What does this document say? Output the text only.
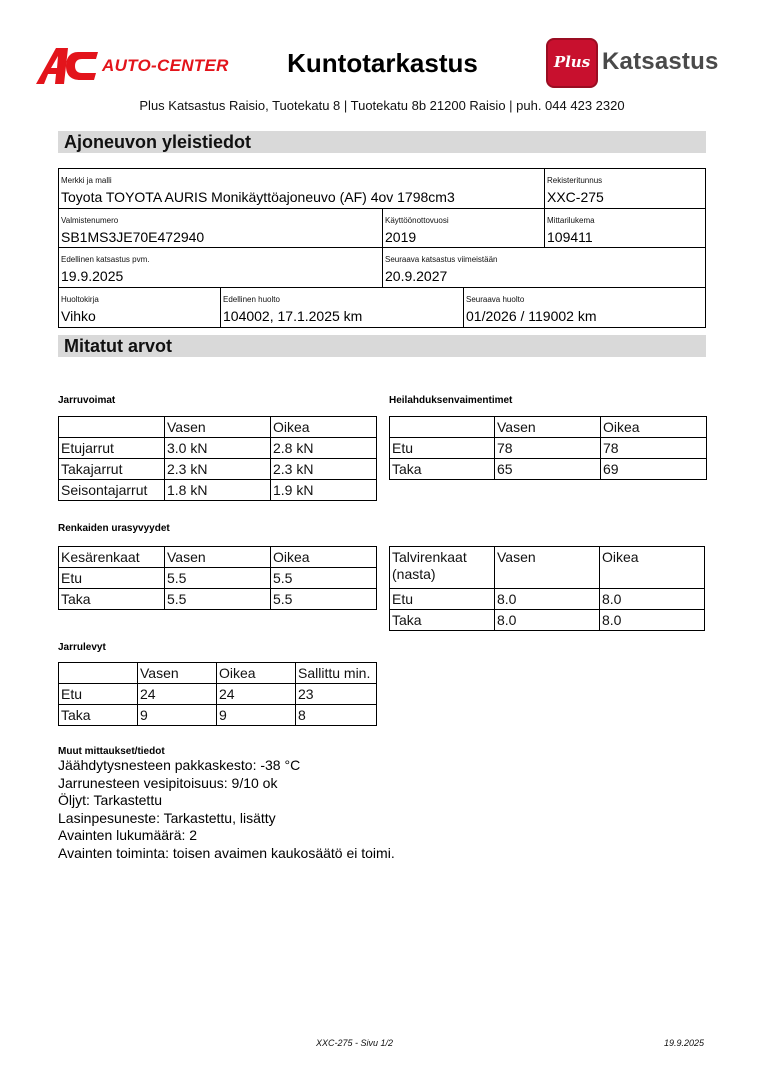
AUTO-CENTER	Kuntotarkastus	Plus Katsastus
Plus Katsastus Raisio, Tuotekatu 8 | Tuotekatu 8b 21200 Raisio | puh. 044 423 2320
Ajoneuvon yleistiedot
Merkki ja malli
Toyota TOYOTA AURIS Monikäyttöajoneuvo (AF) 4ov 1798cm3
Rekisteritunnus
XXC-275
Valmistenumero
SB1MS3JE70E472940
Käyttöönottovuosi
2019
Mittarilukema
109411
Edellinen katsastus pvm.
19.9.2025
Seuraava katsastus viimeistään
20.9.2027
Huoltokirja
Vihko
Edellinen huolto
104002, 17.1.2025 km
Seuraava huolto
01/2026 / 119002 km
Mitatut arvot
Jarruvoimat
	Vasen	Oikea
Etujarrut	3.0 kN	2.8 kN
Takajarrut	2.3 kN	2.3 kN
Seisontajarrut	1.8 kN	1.9 kN
Heilahduksenvaimentimet
	Vasen	Oikea
Etu	78	78
Taka	65	69
Renkaiden urasyvyydet
Kesärenkaat	Vasen	Oikea
Etu	5.5	5.5
Taka	5.5	5.5
Talvirenkaat (nasta)	Vasen	Oikea
Etu	8.0	8.0
Taka	8.0	8.0
Jarrulevyt
	Vasen	Oikea	Sallittu min.
Etu	24	24	23
Taka	9	9	8
Muut mittaukset/tiedot
Jäähdytysnesteen pakkaskesto: -38 °C
Jarrunesteen vesipitoisuus: 9/10 ok
Öljyt: Tarkastettu
Lasinpesuneste: Tarkastettu, lisätty
Avainten lukumäärä: 2
Avainten toiminta: toisen avaimen kaukosäätö ei toimi.
XXC-275 - Sivu 1/2	19.9.2025
